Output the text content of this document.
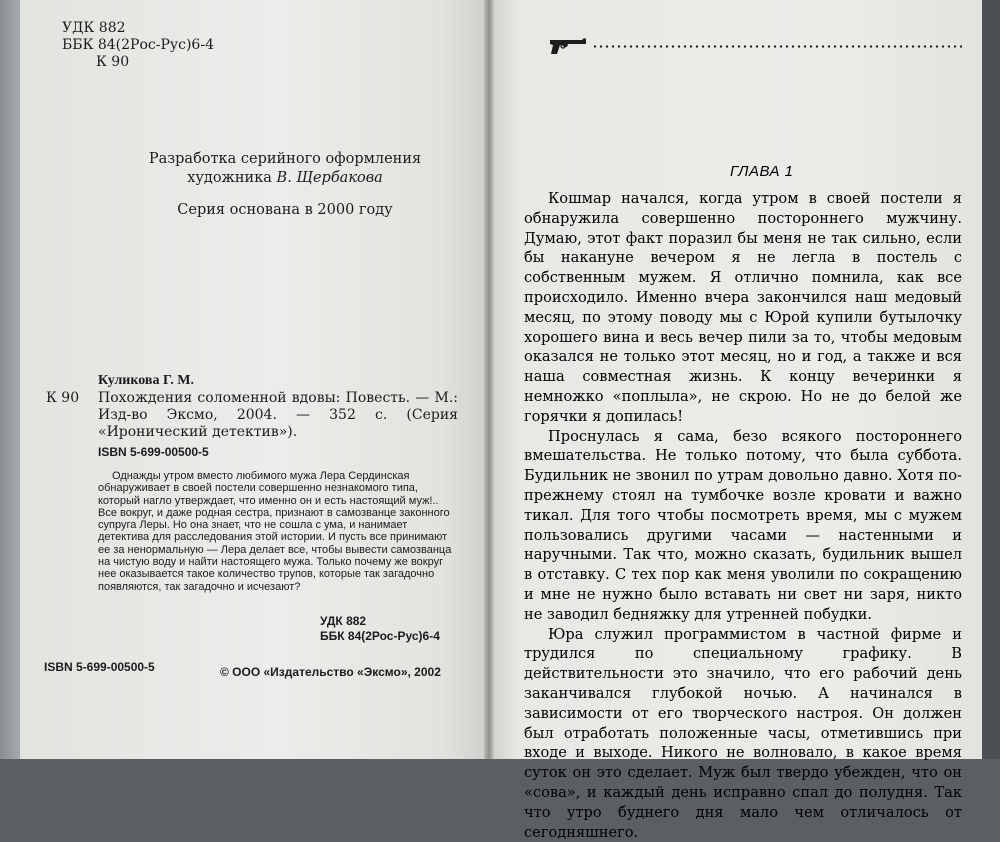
УДК 882
ББК 84(2Рос-Рус)6-4
К 90
Разработка серийного оформления
художника В. Щербакова
Серия основана в 2000 году
Куликова Г. М.
К 90 Похождения соломенной вдовы: Повесть. — М.: Изд-во Эксмо, 2004. — 352 с. (Серия «Иронический детектив»).
ISBN 5-699-00500-5

Однажды утром вместо любимого мужа Лера Сердинская обнаруживает в своей постели совершенно незнакомого типа, который нагло утверждает, что именно он и есть настоящий муж!.. Все вокруг, и даже родная сестра, признают в самозванце законного супруга Леры. Но она знает, что не сошла с ума, и нанимает детектива для расследования этой истории. И пусть все принимают ее за ненормальную — Лера делает все, чтобы вывести самозванца на чистую воду и найти настоящего мужа. Только почему же вокруг нее оказывается такое количество трупов, которые так загадочно появляются, так загадочно и исчезают?

УДК 882
ББК 84(2Рос-Рус)6-4
ISBN 5-699-00500-5	© ООО «Издательство «Эксмо», 2002
ГЛАВА 1

Кошмар начался, когда утром в своей постели я обнаружила совершенно постороннего мужчину. Думаю, этот факт поразил бы меня не так сильно, если бы накануне вечером я не легла в постель с собственным мужем. Я отлично помнила, как все происходило. Именно вчера закончился наш медовый месяц, по этому поводу мы с Юрой купили бутылочку хорошего вина и весь вечер пили за то, чтобы медовым оказался не только этот месяц, но и год, а также и вся наша совместная жизнь. К концу вечеринки я немножко «поплыла», не скрою. Но не до белой же горячки я допилась!

Проснулась я сама, безо всякого постороннего вмешательства. Не только потому, что была суббота. Будильник не звонил по утрам довольно давно. Хотя по-прежнему стоял на тумбочке возле кровати и важно тикал. Для того чтобы посмотреть время, мы с мужем пользовались другими часами — настенными и наручными. Так что, можно сказать, будильник вышел в отставку. С тех пор как меня уволили по сокращению и мне не нужно было вставать ни свет ни заря, никто не заводил бедняжку для утренней побудки.

Юра служил программистом в частной фирме и трудился по специальному графику. В действительности это значило, что его рабочий день заканчивался глубокой ночью. А начинался в зависимости от его творческого настроя. Он должен был отработать положенные часы, отметившись при входе и выходе. Никого не волновало, в какое время суток он это сделает. Муж был твердо убежден, что он «сова», и каждый день исправно спал до полудня. Так что утро буднего дня мало чем отличалось от сегодняшнего.
